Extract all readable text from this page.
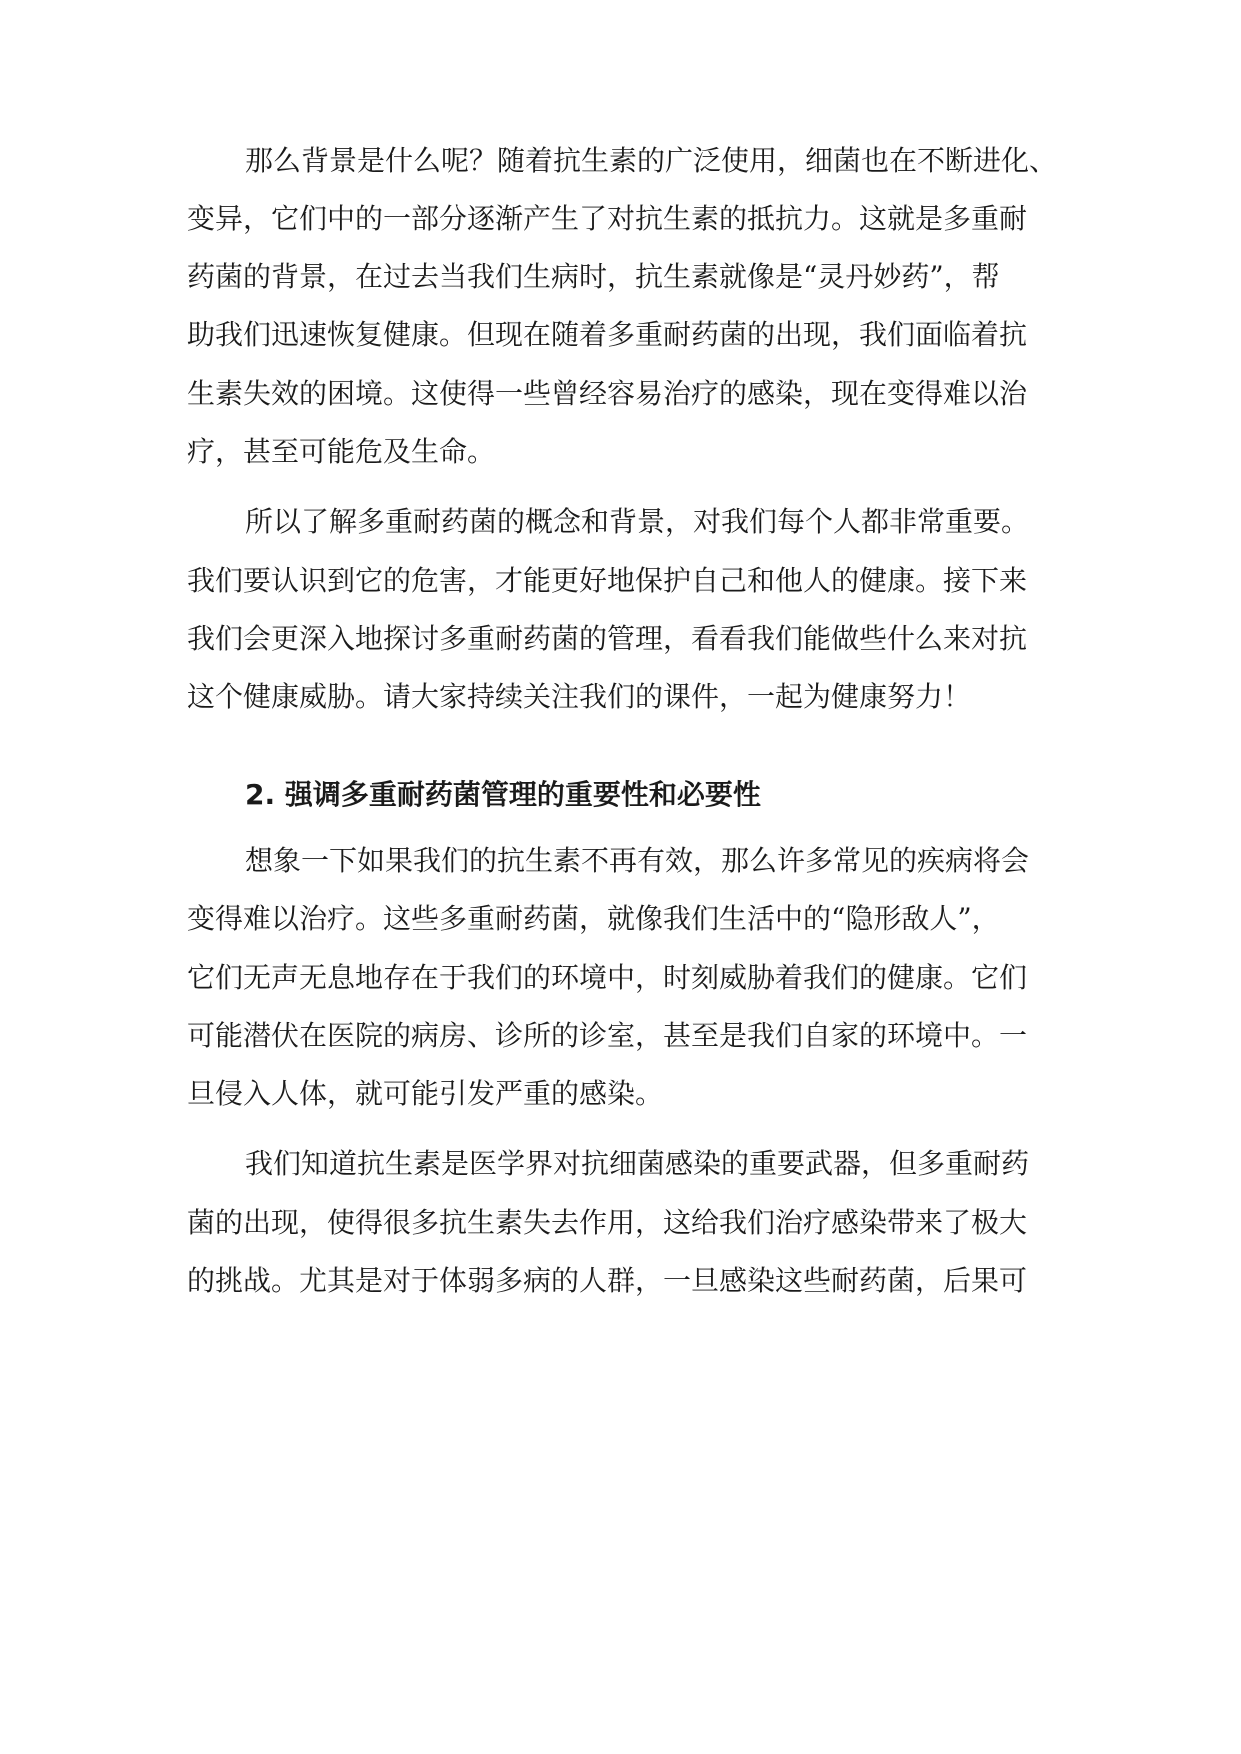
那么背景是什么呢？随着抗生素的广泛使用，细菌也在不断进化、

变异，它们中的一部分逐渐产生了对抗生素的抵抗力。这就是多重耐

药菌的背景，在过去当我们生病时，抗生素就像是“灵丹妙药”，帮

助我们迅速恢复健康。但现在随着多重耐药菌的出现，我们面临着抗

生素失效的困境。这使得一些曾经容易治疗的感染，现在变得难以治

疗，甚至可能危及生命。

所以了解多重耐药菌的概念和背景，对我们每个人都非常重要。

我们要认识到它的危害，才能更好地保护自己和他人的健康。接下来

我们会更深入地探讨多重耐药菌的管理，看看我们能做些什么来对抗

这个健康威胁。请大家持续关注我们的课件，一起为健康努力！

2. 强调多重耐药菌管理的重要性和必要性

想象一下如果我们的抗生素不再有效，那么许多常见的疾病将会

变得难以治疗。这些多重耐药菌，就像我们生活中的“隐形敌人”，

它们无声无息地存在于我们的环境中，时刻威胁着我们的健康。它们

可能潜伏在医院的病房、诊所的诊室，甚至是我们自家的环境中。一

旦侵入人体，就可能引发严重的感染。

我们知道抗生素是医学界对抗细菌感染的重要武器，但多重耐药

菌的出现，使得很多抗生素失去作用，这给我们治疗感染带来了极大

的挑战。尤其是对于体弱多病的人群，一旦感染这些耐药菌，后果可
